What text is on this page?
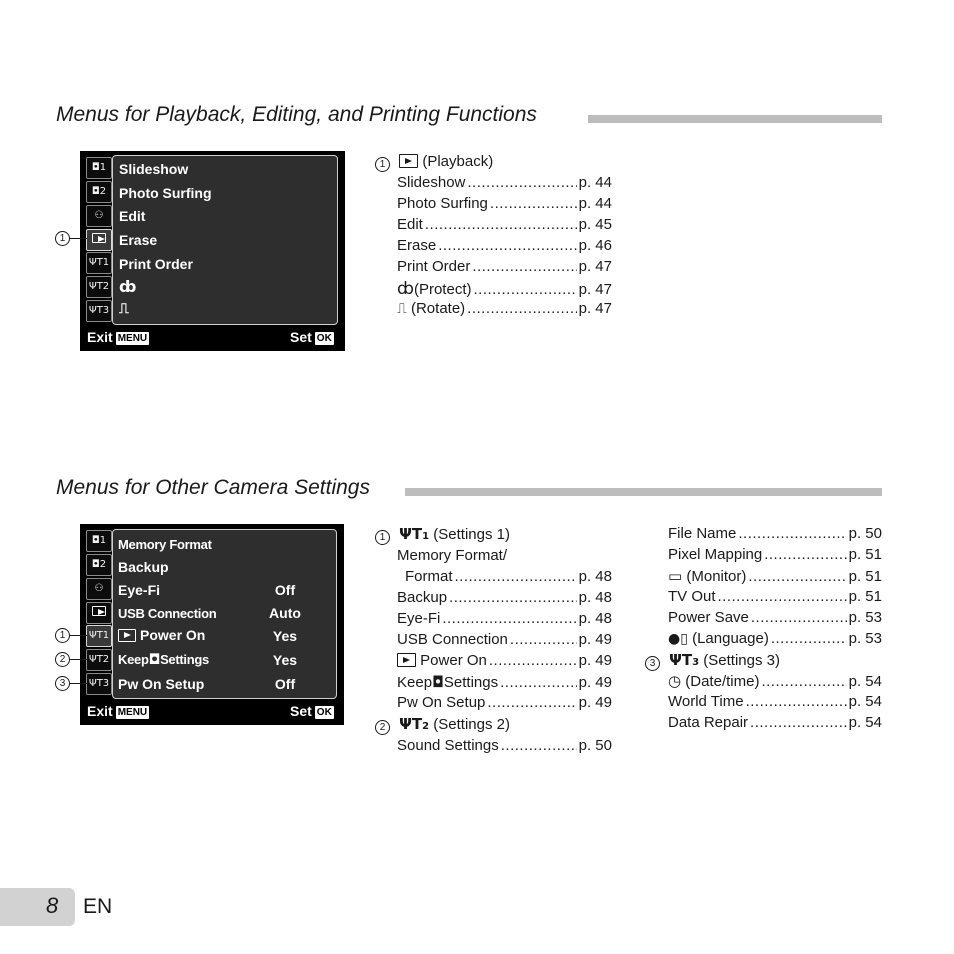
Menus for Playback, Editing, and Printing Functions
◘1
◘2
⚇
ΨΤ1
ΨΤ2
ΨΤ3
Slideshow
Photo Surfing
Edit
Erase
Print Order
ȸ
⎍
Exit MENU	Set OK
1
1 (Playback)
Slideshow .....	p. 44
Photo Surfing .....	p. 44
Edit .....	p. 45
Erase .....	p. 46
Print Order .....	p. 47
ȸ(Protect) .....	p. 47
⎍ (Rotate) .....	p. 47
Menus for Other Camera Settings
◘1
◘2
⚇
ΨΤ1
ΨΤ2
ΨΤ3
Memory Format
Backup
Eye-Fi	Off
USB Connection	Auto
Power On	Yes
Keep◘Settings	Yes
Pw On Setup	Off
Exit MENU	Set OK
1
2
3
1 ΨΤ1 (Settings 1)
Memory Format/
Format .....	p. 48
Backup .....	p. 48
Eye-Fi .....	p. 48
USB Connection .....	p. 49
Power On .....	p. 49
Keep◘Settings .....	p. 49
Pw On Setup .....	p. 49
2 ΨΤ2 (Settings 2)
Sound Settings .....	p. 50
File Name .....	p. 50
Pixel Mapping .....	p. 51
▭ (Monitor) .....	p. 51
TV Out .....	p. 51
Power Save .....	p. 53
●▯ (Language) .....	p. 53
3 ΨΤ3 (Settings 3)
◷ (Date/time) .....	p. 54
World Time .....	p. 54
Data Repair .....	p. 54
8 EN
